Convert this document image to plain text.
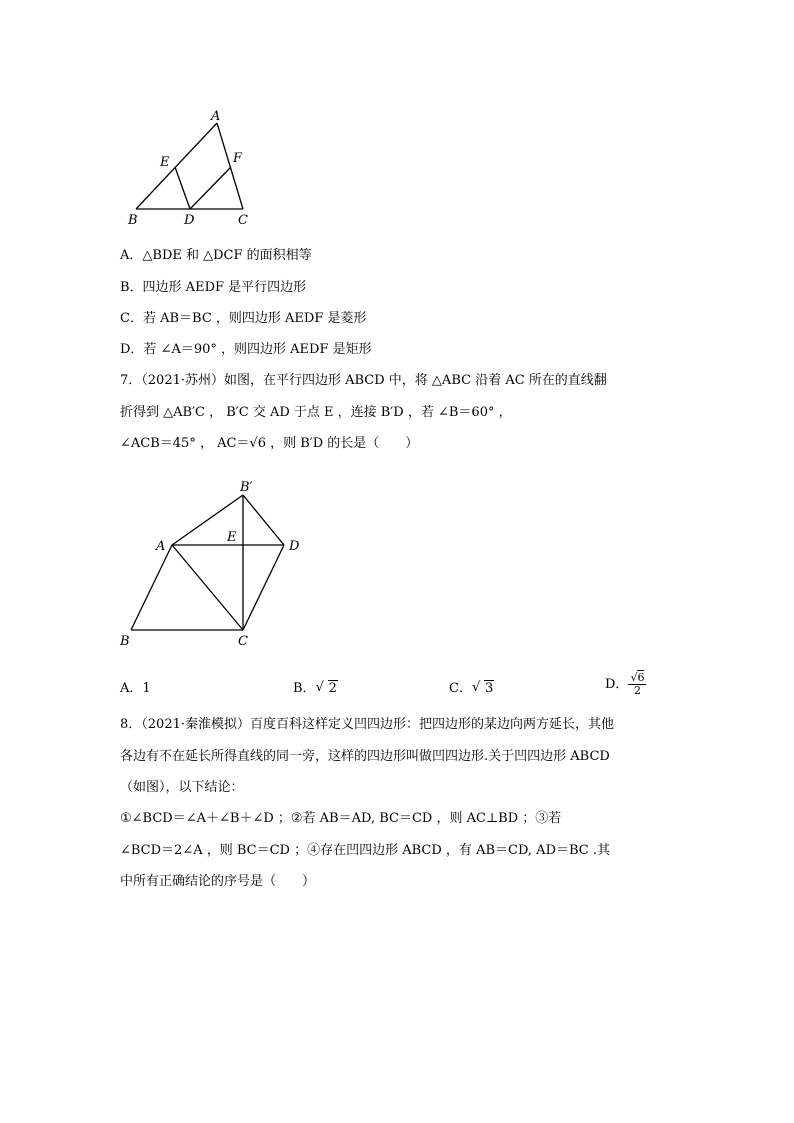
A
E	F
B	D	C
A．△BDE 和 △DCF 的面积相等
B．四边形 AEDF 是平行四边形
C．若 AB＝BC ，则四边形 AEDF 是菱形
D．若 ∠A＝90° ，则四边形 AEDF 是矩形
7．（2021·苏州）如图，在平行四边形 ABCD 中，将 △ABC 沿着 AC 所在的直线翻
折得到 △AB′C ， B′C 交 AD 于点 E ，连接 B′D ，若 ∠B＝60° ，
∠ACB＝45° ， AC＝√6 ，则 B′D 的长是（　　）
B′
E
A	D
B	C
A．1	B． √ 2	C． √ 3	D． $\frac{√6}{2}$
8．（2021·秦淮模拟）百度百科这样定义凹四边形：把四边形的某边向两方延长，其他
各边有不在延长所得直线的同一旁，这样的四边形叫做凹四边形.关于凹四边形 ABCD
（如图），以下结论：
①∠BCD＝∠A＋∠B＋∠D ；②若 AB＝AD, BC＝CD ，则 AC⊥BD ；③若
∠BCD＝2∠A ，则 BC＝CD ；④存在凹四边形 ABCD ，有 AB＝CD, AD＝BC .其
中所有正确结论的序号是（　　）
